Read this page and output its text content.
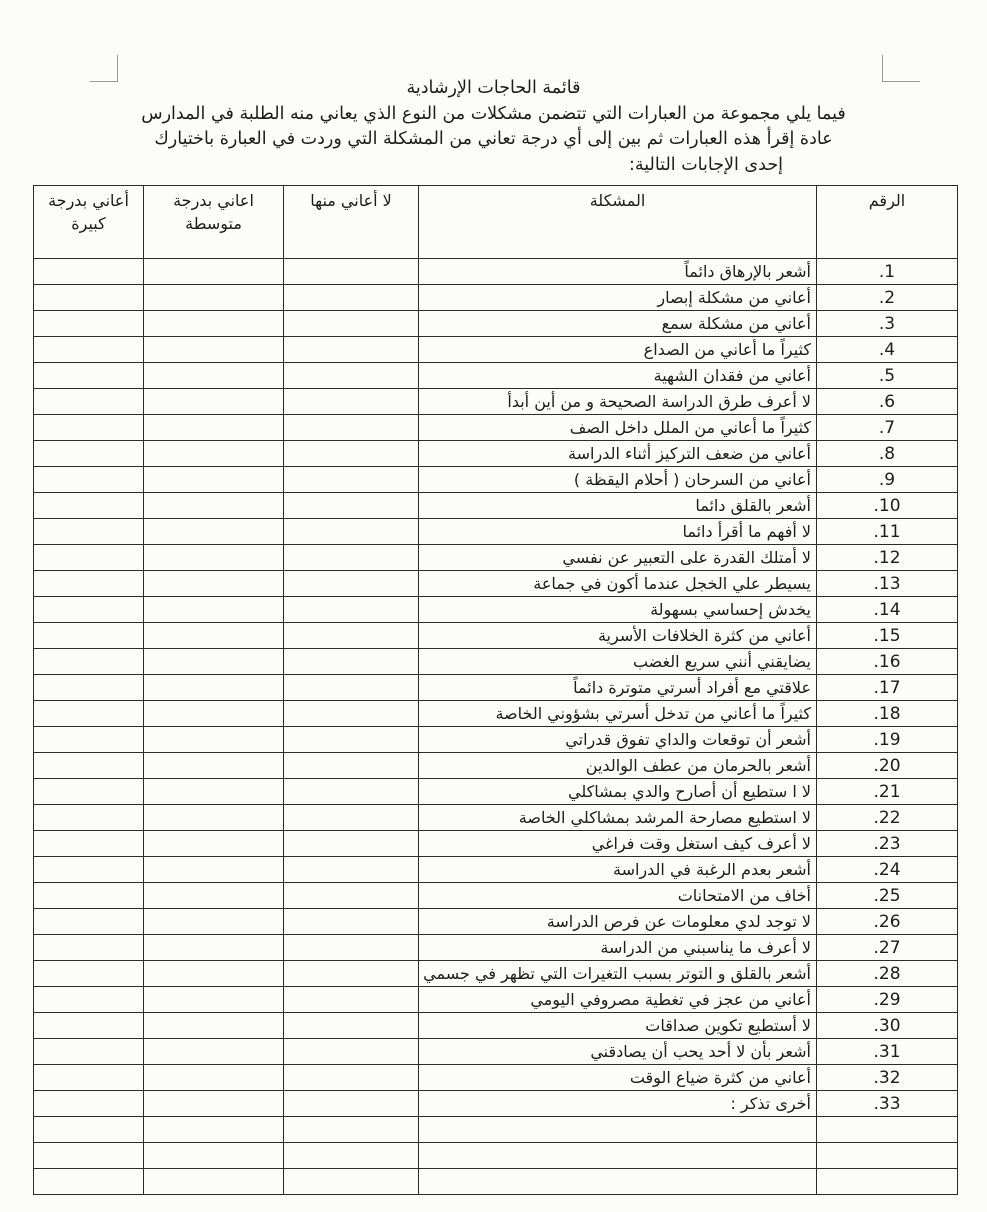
قائمة الحاجات الإرشادية
فيما يلي مجموعة من العبارات التي تتضمن مشكلات من النوع الذي يعاني منه الطلبة في المدارس
عادة إقرأ هذه العبارات ثم بين إلى أي درجة تعاني من المشكلة التي وردت في العبارة باختيارك
إحدى الإجابات التالية:
الرقم	المشكلة	لا أعاني منها	اعاني بدرجة متوسطة	أعاني بدرجة كبيرة
.1	أشعر بالإرهاق دائماً			
.2	أعاني من مشكلة إبصار			
.3	أعاني من مشكلة سمع			
.4	كثيراً ما أعاني من الصداع			
.5	أعاني من فقدان الشهية			
.6	لا أعرف طرق الدراسة الصحيحة و من أين أبدأ			
.7	كثيراً ما أعاني من الملل داخل الصف			
.8	أعاني من ضعف التركيز أثناء الدراسة			
.9	أعاني من السرحان ( أحلام اليقظة )			
.10	أشعر بالقلق دائما			
.11	لا أفهم ما أقرأ دائما			
.12	لا أمتلك القدرة على التعبير عن نفسي			
.13	يسيطر علي الخجل عندما أكون في جماعة			
.14	يخدش إحساسي بسهولة			
.15	أعاني من كثرة الخلافات الأسرية			
.16	يضايقني أنني سريع الغضب			
.17	علاقتي مع أفراد أسرتي متوترة دائماً			
.18	كثيراً ما أعاني من تدخل أسرتي بشؤوني الخاصة			
.19	أشعر أن توقعات والداي تفوق قدراتي			
.20	أشعر بالحرمان من عطف الوالدين			
.21	لا ا ستطيع أن أصارح والدي بمشاكلي			
.22	لا استطيع مصارحة المرشد بمشاكلي الخاصة			
.23	لا أعرف كيف استغل وقت فراغي			
.24	أشعر بعدم الرغبة في الدراسة			
.25	أخاف من الامتحانات			
.26	لا توجد لدي معلومات عن فرص الدراسة			
.27	لا أعرف ما يناسبني من الدراسة			
.28	أشعر بالقلق و التوتر بسبب التغيرات التي تظهر في جسمي			
.29	أعاني من عجز في تغطية مصروفي اليومي			
.30	لا أستطيع تكوين صداقات			
.31	أشعر بأن لا أحد يحب أن يصادقني			
.32	أعاني من كثرة ضياع الوقت			
.33	أخرى تذكر :			
